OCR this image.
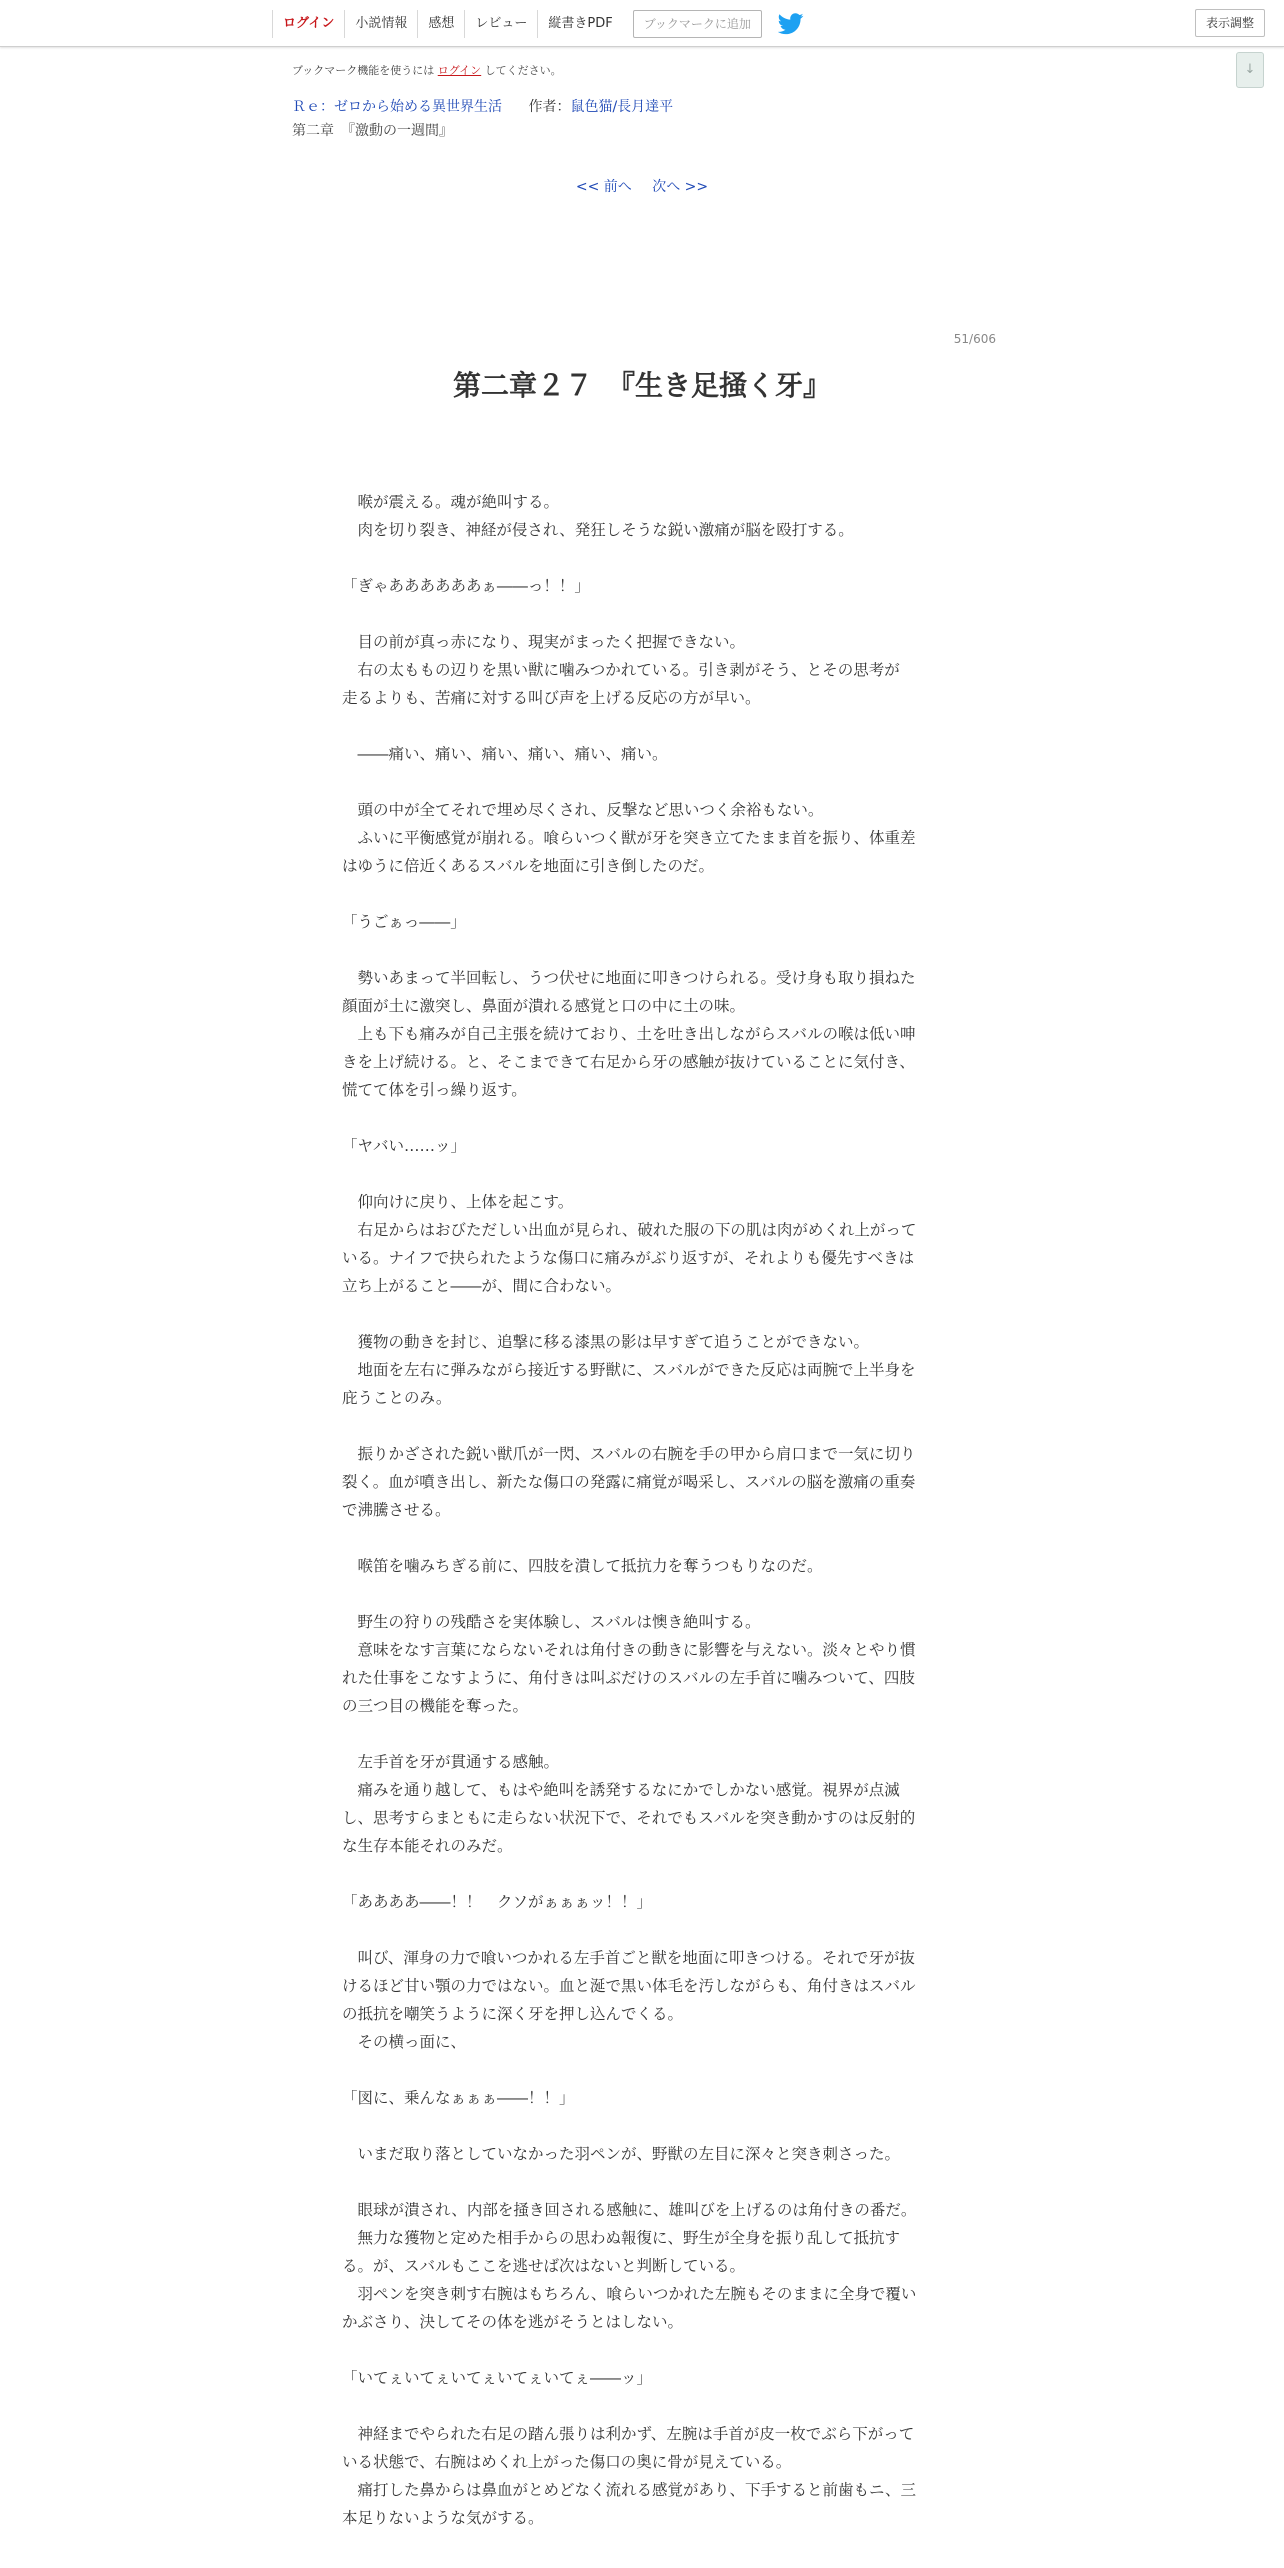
ログイン	小説情報	感想	レビュー	縦書きPDF	ブックマークに追加	表示調整
↓
ブックマーク機能を使うには ログイン してください。
Ｒｅ：ゼロから始める異世界生活 作者：鼠色猫/長月達平
第二章　『激動の一週間』
<< 前へ 次へ >>
51/606
第二章２７　『生き足掻く牙』

　喉が震える。魂が絶叫する。

　肉を切り裂き、神経が侵され、発狂しそうな鋭い激痛が脳を殴打する。

「ぎゃああああああぁ――っ！！」

　目の前が真っ赤になり、現実がまったく把握できない。

　右の太ももの辺りを黒い獣に噛みつかれている。引き剥がそう、とその思考が

走るよりも、苦痛に対する叫び声を上げる反応の方が早い。

　――痛い、痛い、痛い、痛い、痛い、痛い。

　頭の中が全てそれで埋め尽くされ、反撃など思いつく余裕もない。

　ふいに平衡感覚が崩れる。喰らいつく獣が牙を突き立てたまま首を振り、体重差

はゆうに倍近くあるスバルを地面に引き倒したのだ。

「うごぁっ――」

　勢いあまって半回転し、うつ伏せに地面に叩きつけられる。受け身も取り損ねた

顔面が土に激突し、鼻面が潰れる感覚と口の中に土の味。

　上も下も痛みが自己主張を続けており、土を吐き出しながらスバルの喉は低い呻

きを上げ続ける。と、そこまできて右足から牙の感触が抜けていることに気付き、

慌てて体を引っ繰り返す。

「ヤバい……ッ」

　仰向けに戻り、上体を起こす。

　右足からはおびただしい出血が見られ、破れた服の下の肌は肉がめくれ上がって

いる。ナイフで抉られたような傷口に痛みがぶり返すが、それよりも優先すべきは

立ち上がること――が、間に合わない。

　獲物の動きを封じ、追撃に移る漆黒の影は早すぎて追うことができない。

　地面を左右に弾みながら接近する野獣に、スバルができた反応は両腕で上半身を

庇うことのみ。

　振りかざされた鋭い獣爪が一閃、スバルの右腕を手の甲から肩口まで一気に切り

裂く。血が噴き出し、新たな傷口の発露に痛覚が喝采し、スバルの脳を激痛の重奏

で沸騰させる。

　喉笛を噛みちぎる前に、四肢を潰して抵抗力を奪うつもりなのだ。

　野生の狩りの残酷さを実体験し、スバルは懊き絶叫する。

　意味をなす言葉にならないそれは角付きの動きに影響を与えない。淡々とやり慣

れた仕事をこなすように、角付きは叫ぶだけのスバルの左手首に噛みついて、四肢

の三つ目の機能を奪った。

　左手首を牙が貫通する感触。

　痛みを通り越して、もはや絶叫を誘発するなにかでしかない感覚。視界が点滅

し、思考すらまともに走らない状況下で、それでもスバルを突き動かすのは反射的

な生存本能それのみだ。

「ああああ――！！　クソがぁぁぁッ！！」

　叫び、渾身の力で喰いつかれる左手首ごと獣を地面に叩きつける。それで牙が抜

けるほど甘い顎の力ではない。血と涎で黒い体毛を汚しながらも、角付きはスバル

の抵抗を嘲笑うように深く牙を押し込んでくる。

　その横っ面に、

「図に、乗んなぁぁぁ――！！」

　いまだ取り落としていなかった羽ペンが、野獣の左目に深々と突き刺さった。

　眼球が潰され、内部を掻き回される感触に、雄叫びを上げるのは角付きの番だ。

　無力な獲物と定めた相手からの思わぬ報復に、野生が全身を振り乱して抵抗す

る。が、スバルもここを逃せば次はないと判断している。

　羽ペンを突き刺す右腕はもちろん、喰らいつかれた左腕もそのままに全身で覆い

かぶさり、決してその体を逃がそうとはしない。

「いてぇいてぇいてぇいてぇいてぇ――ッ」

　神経までやられた右足の踏ん張りは利かず、左腕は手首が皮一枚でぶら下がって

いる状態で、右腕はめくれ上がった傷口の奥に骨が見えている。

　痛打した鼻からは鼻血がとめどなく流れる感覚があり、下手すると前歯もニ、三

本足りないような気がする。
